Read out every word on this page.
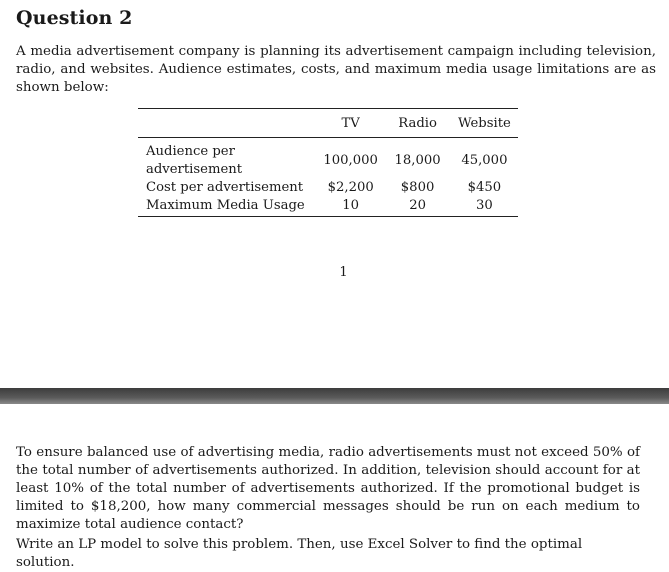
Question 2
A media advertisement company is planning its advertisement campaign including television, radio, and websites. Audience estimates, costs, and maximum media usage limitations are as shown below:
	TV	Radio	Website
Audience per advertisement	100,000	18,000	45,000
Cost per advertisement	$2,200	$800	$450
Maximum Media Usage	10	20	30
1
To ensure balanced use of advertising media, radio advertisements must not exceed 50% of the total number of advertisements authorized. In addition, television should account for at least 10% of the total number of advertisements authorized. If the promotional budget is limited to $18,200, how many commercial messages should be run on each medium to maximize total audience contact?
Write an LP model to solve this problem. Then, use Excel Solver to find the optimal solution.
